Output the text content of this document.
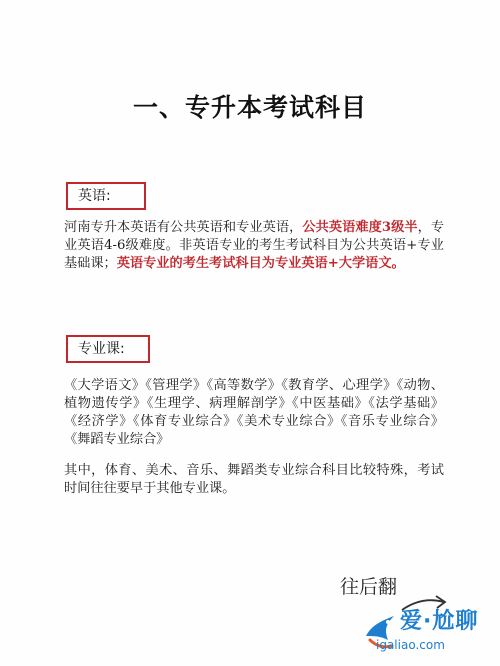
一、专升本考试科目
英语:
河南专升本英语有公共英语和专业英语，公共英语难度3级半，专业英语4-6级难度。非英语专业的考生考试科目为公共英语+专业基础课；英语专业的考生考试科目为专业英语+大学语文。
专业课:
《大学语文》《管理学》《高等数学》《教育学、心理学》《动物、植物遗传学》《生理学、病理解剖学》《中医基础》《法学基础》《经济学》《体育专业综合》《美术专业综合》《音乐专业综合》《舞蹈专业综合》
其中，体育、美术、音乐、舞蹈类专业综合科目比较特殊，考试时间往往要早于其他专业课。
往后翻
爱·尬聊
igaliao.com
